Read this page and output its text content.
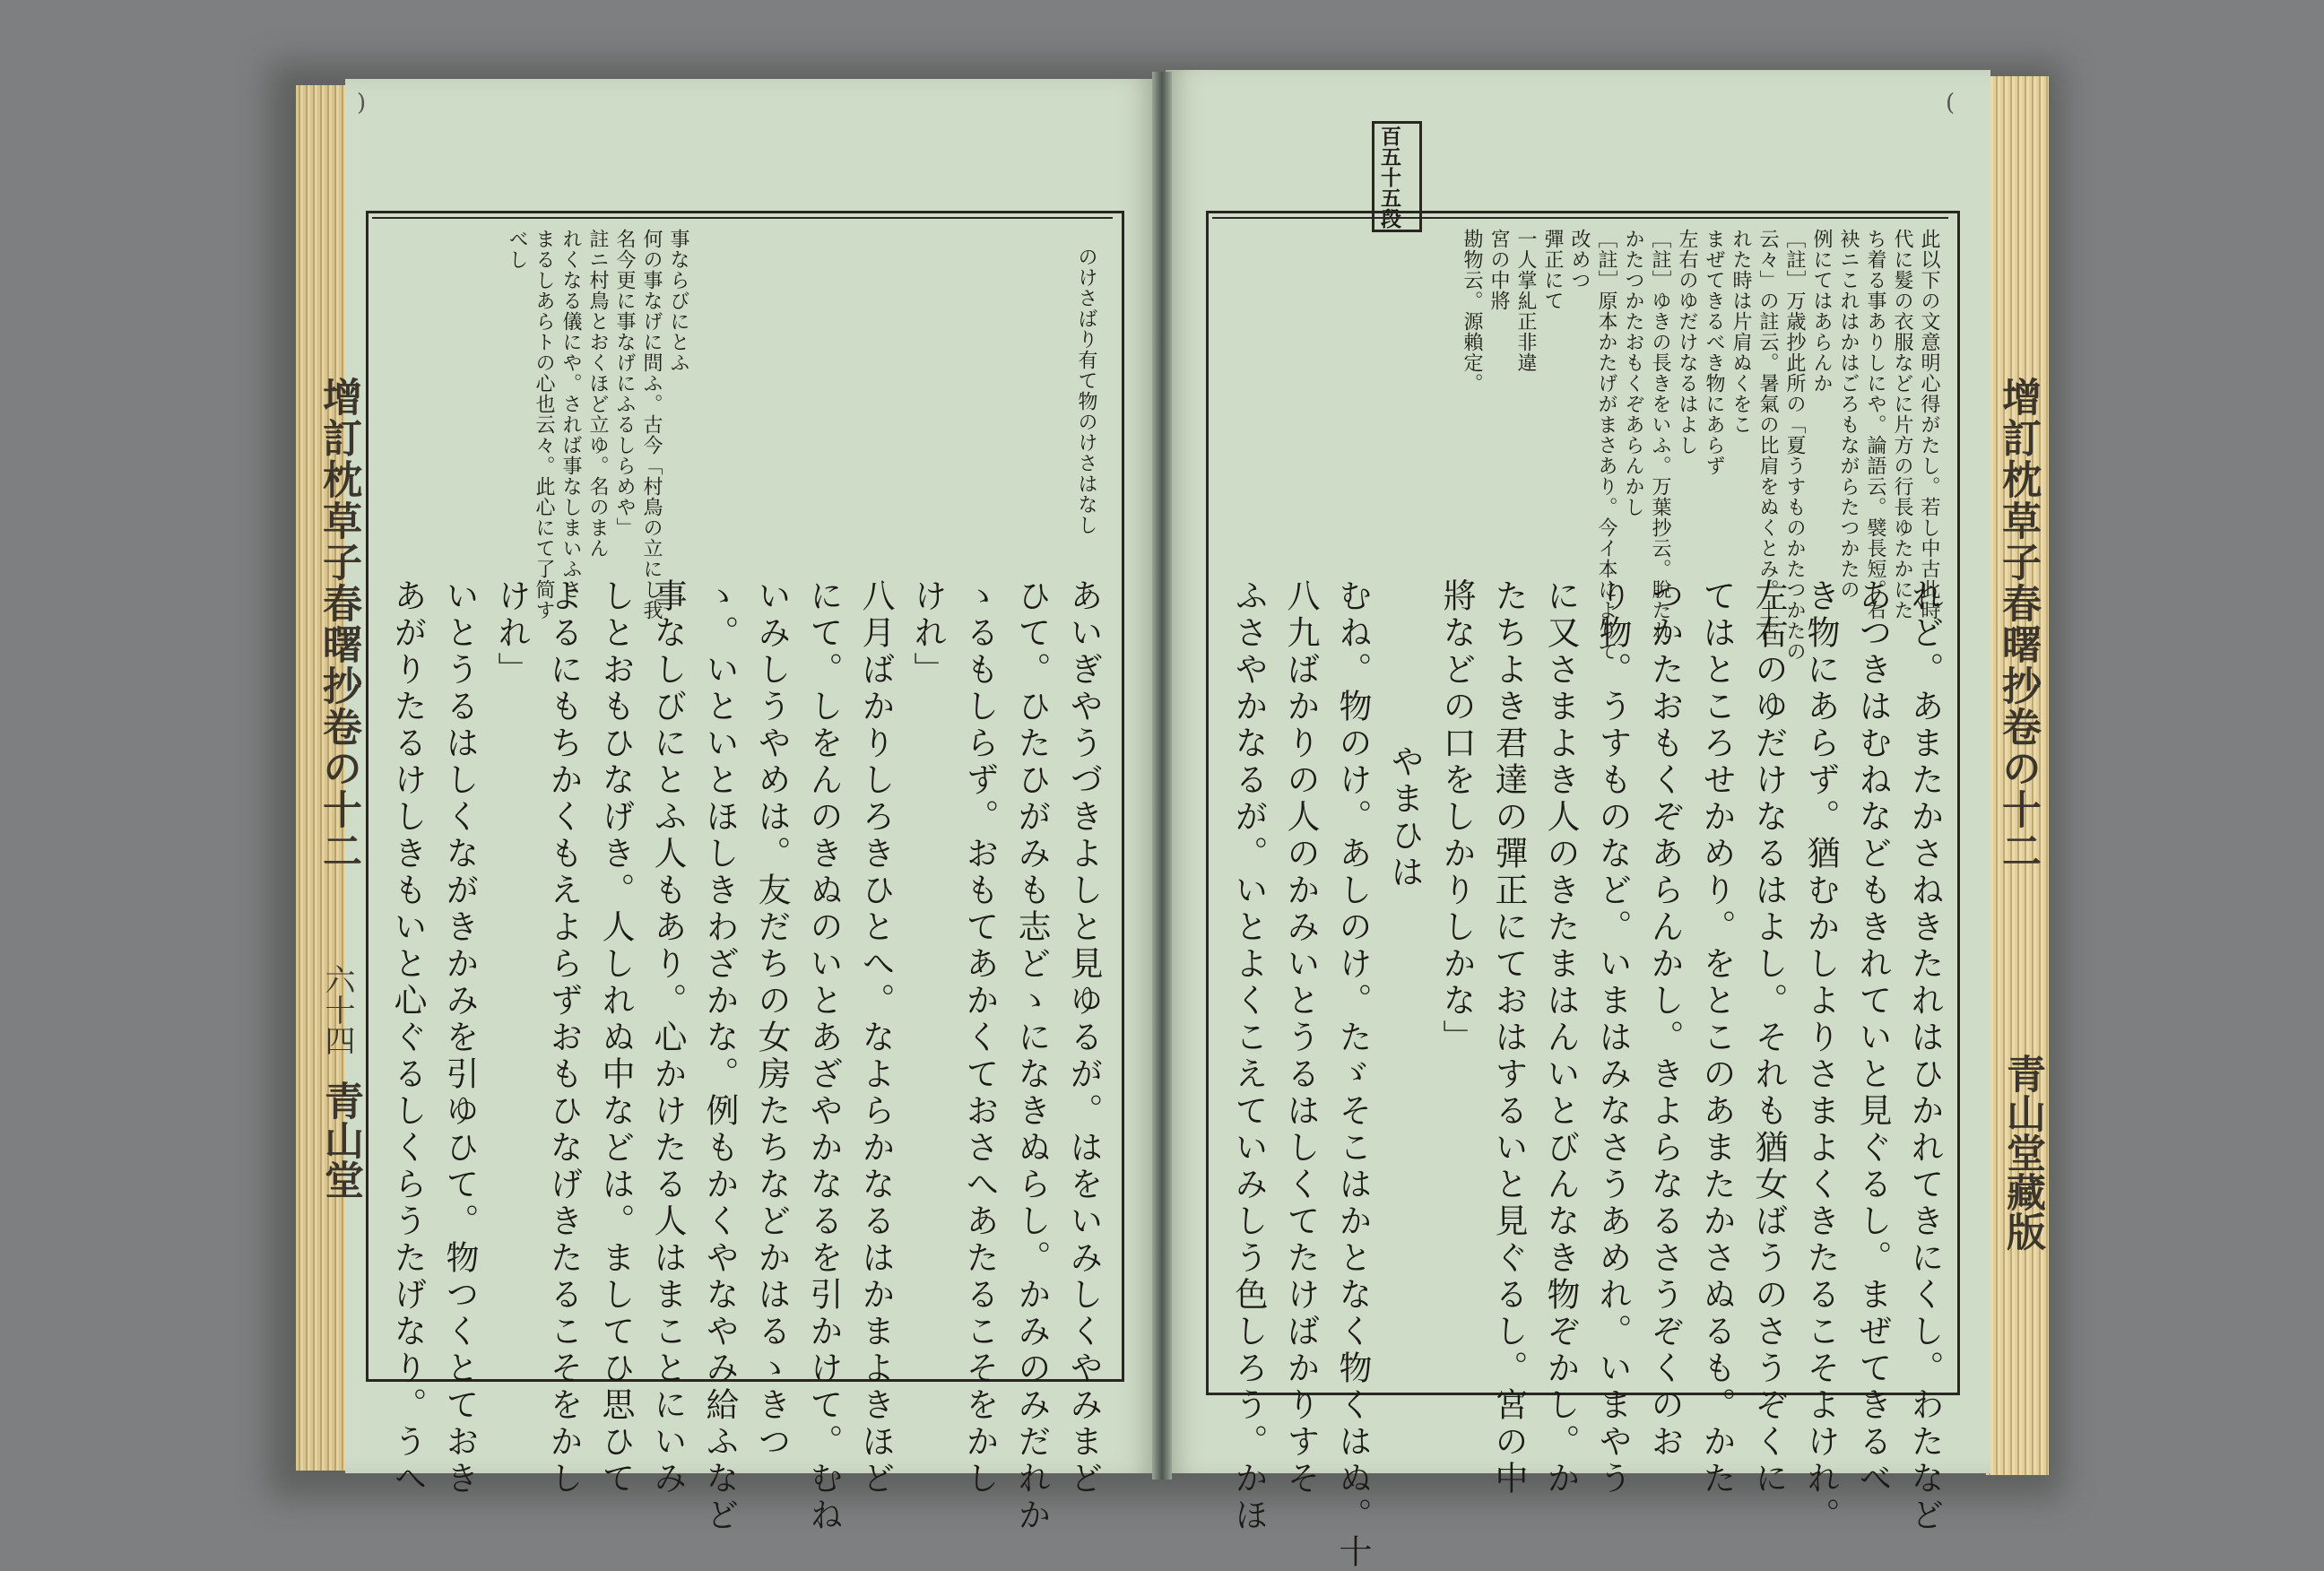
增訂枕草子春曙抄卷の十二
六十四
青山堂
)
のけさばり有て物のけさはなし
事ならびにとふ
何の事なげに問ふ。古今「村鳥の立にし我
名今更に事なげにふるしらめや」
註ニ村鳥とおくほど立ゆ。名のまん
れくなる儀にや。されば事なしまいふさ
まるしあらトの心也云々。此心にて了简す
べし
あいぎやうづきよしと見ゆるが。はをいみしくやみまど
ひて。ひたひがみも志どゝになきぬらし。かみのみだれか
ゝるもしらず。おもてあかくておさへあたるこそをかし
けれ」
八月ばかりしろきひとへ。なよらかなるはかまよきほど
にて。しをんのきぬのいとあざやかなるを引かけて。むね
いみしうやめは。友だちの女房たちなどかはるゝきつ
ゝ。いといとほしきわざかな。例もかくやなやみ給ふなど
事なしびにとふ人もあり。心かけたる人はまことにいみ
しとおもひなげき。人しれぬ中などは。ましてひ思ひて
よるにもちかくもえよらずおもひなげきたるこそをかし
けれ」
いとうるはしくながきかみを引ゆひて。物つくとておき
あがりたるけしきもいと心ぐるしくらうたげなり。うへ
百五十五段
(
增訂枕草子春曙抄卷の十二
青山堂藏版
此以下の文意明心得がたし。若し中古此時
代に髮の衣服などに片方の行長ゆたかにた
ち着る事ありしにや。論語云。襞長短。右
袂ニこれはかはごろもながらたつかたの
例にてはあらんか
［註］万歳抄此所の「夏うすものかたつかたの
云々」の註云。暑氣の比肩をぬくとみ。上古
れた時は片肩ぬくをこ
まぜてきるべき物にあらず
左右のゆだけなるはよし
［註］ゆきの長きをいふ。万葉抄云。脫たれ
かたつかたおもくぞあらんかし
［註］原本かたげがまさあり。今イ本によりて
改めつ
彈正にて
一人掌糺正非違
宮の中將
勘物云。源賴定。
れど。あまたかさねきたれはひかれてきにくし。わたなど
あつきはむねなどもきれていと見ぐるし。まぜてきるべ
き物にあらず。猶むかしよりさまよくきたるこそよけれ。
左右のゆだけなるはよし。それも猶女ばうのさうぞくに
てはところせかめり。をとこのあまたかさぬるも。かた
つかたおもくぞあらんかし。きよらなるさうぞくのお
り物。うすものなど。いまはみなさうあめれ。いまやう
に又さまよき人のきたまはんいとびんなき物ぞかし。か
たちよき君達の彈正にておはするいと見ぐるし。宮の中
將などの口をしかりしかな」
やまひは
むね。物のけ。あしのけ。たゞそこはかとなく物くはぬ。十
八九ばかりの人のかみいとうるはしくてたけばかりすそ
ふさやかなるが。いとよくこえていみしう色しろう。かほ
